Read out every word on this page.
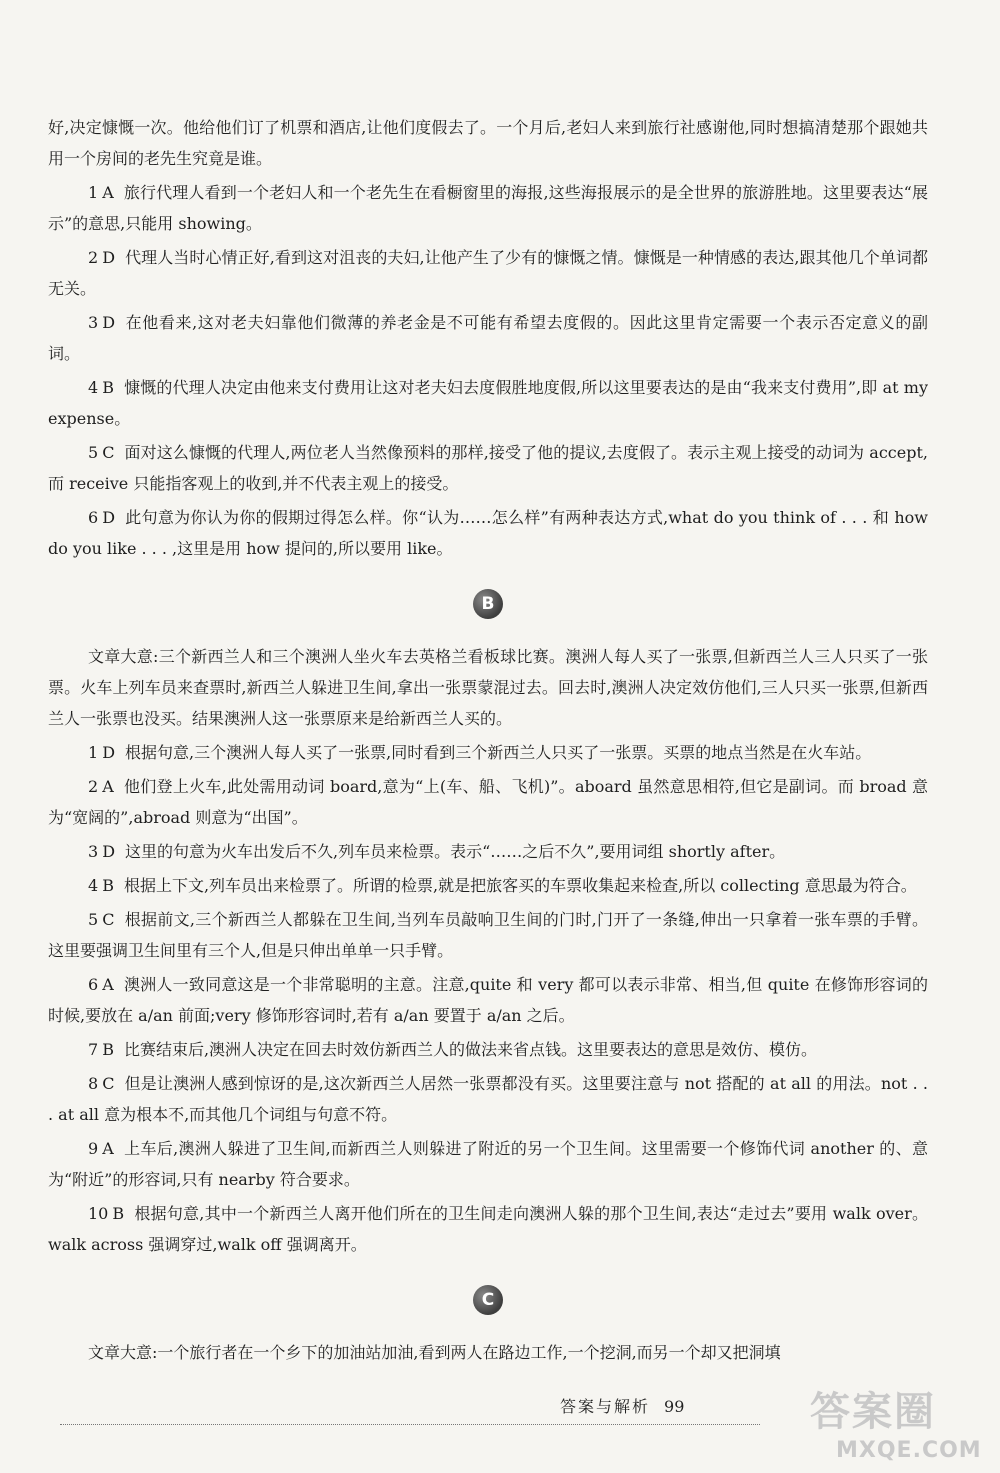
好,决定慷慨一次。他给他们订了机票和酒店,让他们度假去了。一个月后,老妇人来到旅行社感谢他,同时想搞清楚那个跟她共用一个房间的老先生究竟是谁。

1 A 旅行代理人看到一个老妇人和一个老先生在看橱窗里的海报,这些海报展示的是全世界的旅游胜地。这里要表达“展示”的意思,只能用 showing。

2 D 代理人当时心情正好,看到这对沮丧的夫妇,让他产生了少有的慷慨之情。慷慨是一种情感的表达,跟其他几个单词都无关。

3 D 在他看来,这对老夫妇靠他们微薄的养老金是不可能有希望去度假的。因此这里肯定需要一个表示否定意义的副词。

4 B 慷慨的代理人决定由他来支付费用让这对老夫妇去度假胜地度假,所以这里要表达的是由“我来支付费用”,即 at my expense。

5 C 面对这么慷慨的代理人,两位老人当然像预料的那样,接受了他的提议,去度假了。表示主观上接受的动词为 accept,而 receive 只能指客观上的收到,并不代表主观上的接受。

6 D 此句意为你认为你的假期过得怎么样。你“认为……怎么样”有两种表达方式,what do you think of . . . 和 how do you like . . . ,这里是用 how 提问的,所以要用 like。

B

文章大意:三个新西兰人和三个澳洲人坐火车去英格兰看板球比赛。澳洲人每人买了一张票,但新西兰人三人只买了一张票。火车上列车员来查票时,新西兰人躲进卫生间,拿出一张票蒙混过去。回去时,澳洲人决定效仿他们,三人只买一张票,但新西兰人一张票也没买。结果澳洲人这一张票原来是给新西兰人买的。

1 D 根据句意,三个澳洲人每人买了一张票,同时看到三个新西兰人只买了一张票。买票的地点当然是在火车站。

2 A 他们登上火车,此处需用动词 board,意为“上(车、船、飞机)”。aboard 虽然意思相符,但它是副词。而 broad 意为“宽阔的”,abroad 则意为“出国”。

3 D 这里的句意为火车出发后不久,列车员来检票。表示“……之后不久”,要用词组 shortly after。

4 B 根据上下文,列车员出来检票了。所谓的检票,就是把旅客买的车票收集起来检查,所以 collecting 意思最为符合。

5 C 根据前文,三个新西兰人都躲在卫生间,当列车员敲响卫生间的门时,门开了一条缝,伸出一只拿着一张车票的手臂。这里要强调卫生间里有三个人,但是只伸出单单一只手臂。

6 A 澳洲人一致同意这是一个非常聪明的主意。注意,quite 和 very 都可以表示非常、相当,但 quite 在修饰形容词的时候,要放在 a/an 前面;very 修饰形容词时,若有 a/an 要置于 a/an 之后。

7 B 比赛结束后,澳洲人决定在回去时效仿新西兰人的做法来省点钱。这里要表达的意思是效仿、模仿。

8 C 但是让澳洲人感到惊讶的是,这次新西兰人居然一张票都没有买。这里要注意与 not 搭配的 at all 的用法。not . . . at all 意为根本不,而其他几个词组与句意不符。

9 A 上车后,澳洲人躲进了卫生间,而新西兰人则躲进了附近的另一个卫生间。这里需要一个修饰代词 another 的、意为“附近”的形容词,只有 nearby 符合要求。

10 B 根据句意,其中一个新西兰人离开他们所在的卫生间走向澳洲人躲的那个卫生间,表达“走过去”要用 walk over。walk across 强调穿过,walk off 强调离开。

C

文章大意:一个旅行者在一个乡下的加油站加油,看到两人在路边工作,一个挖洞,而另一个却又把洞填

答案与解析 99	答案圈
MXQE.COM
